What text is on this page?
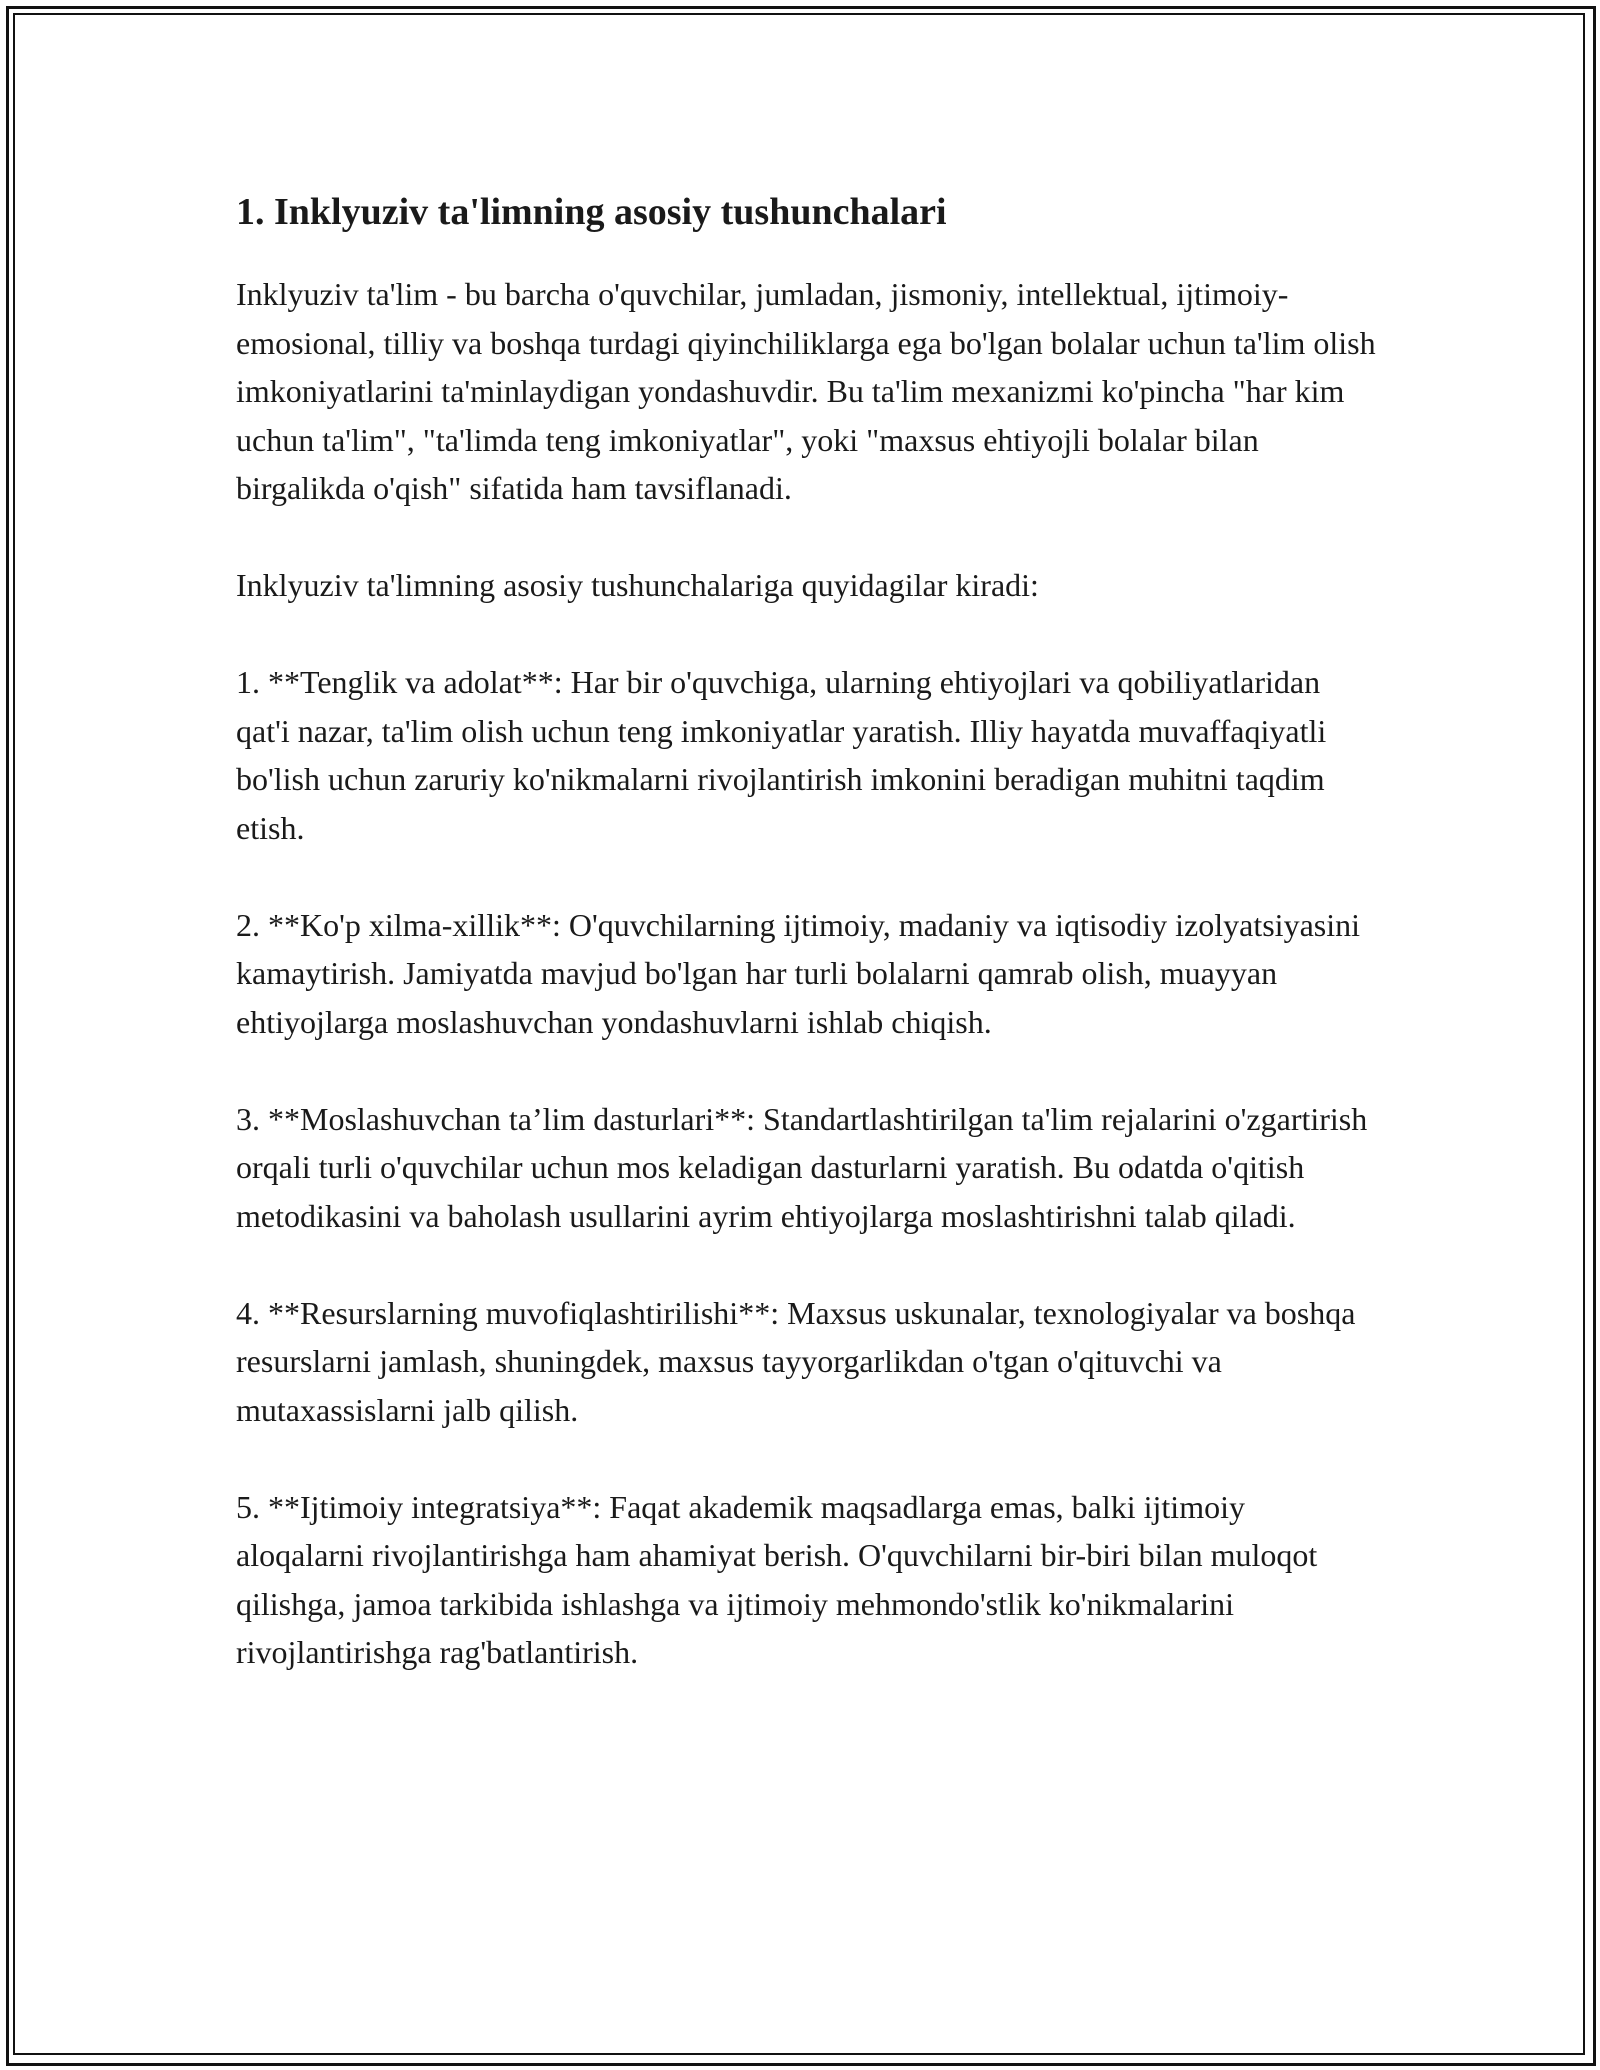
1. Inklyuziv ta'limning asosiy tushunchalari

Inklyuziv ta'lim - bu barcha o'quvchilar, jumladan, jismoniy, intellektual, ijtimoiy-emosional, tilliy va boshqa turdagi qiyinchiliklarga ega bo'lgan bolalar uchun ta'lim olish imkoniyatlarini ta'minlaydigan yondashuvdir. Bu ta'lim mexanizmi ko'pincha "har kim uchun ta'lim", "ta'limda teng imkoniyatlar", yoki "maxsus ehtiyojli bolalar bilan birgalikda o'qish" sifatida ham tavsiflanadi.

Inklyuziv ta'limning asosiy tushunchalariga quyidagilar kiradi:

1. **Tenglik va adolat**: Har bir o'quvchiga, ularning ehtiyojlari va qobiliyatlaridan qat'i nazar, ta'lim olish uchun teng imkoniyatlar yaratish. Illiy hayatda muvaffaqiyatli bo'lish uchun zaruriy ko'nikmalarni rivojlantirish imkonini beradigan muhitni taqdim etish.

2. **Ko'p xilma-xillik**: O'quvchilarning ijtimoiy, madaniy va iqtisodiy izolyatsiyasini kamaytirish. Jamiyatda mavjud bo'lgan har turli bolalarni qamrab olish, muayyan ehtiyojlarga moslashuvchan yondashuvlarni ishlab chiqish.

3. **Moslashuvchan ta’lim dasturlari**: Standartlashtirilgan ta'lim rejalarini o'zgartirish orqali turli o'quvchilar uchun mos keladigan dasturlarni yaratish. Bu odatda o'qitish metodikasini va baholash usullarini ayrim ehtiyojlarga moslashtirishni talab qiladi.

4. **Resurslarning muvofiqlashtirilishi**: Maxsus uskunalar, texnologiyalar va boshqa resurslarni jamlash, shuningdek, maxsus tayyorgarlikdan o'tgan o'qituvchi va mutaxassislarni jalb qilish.

5. **Ijtimoiy integratsiya**: Faqat akademik maqsadlarga emas, balki ijtimoiy aloqalarni rivojlantirishga ham ahamiyat berish. O'quvchilarni bir-biri bilan muloqot qilishga, jamoa tarkibida ishlashga va ijtimoiy mehmondo'stlik ko'nikmalarini rivojlantirishga rag'batlantirish.
